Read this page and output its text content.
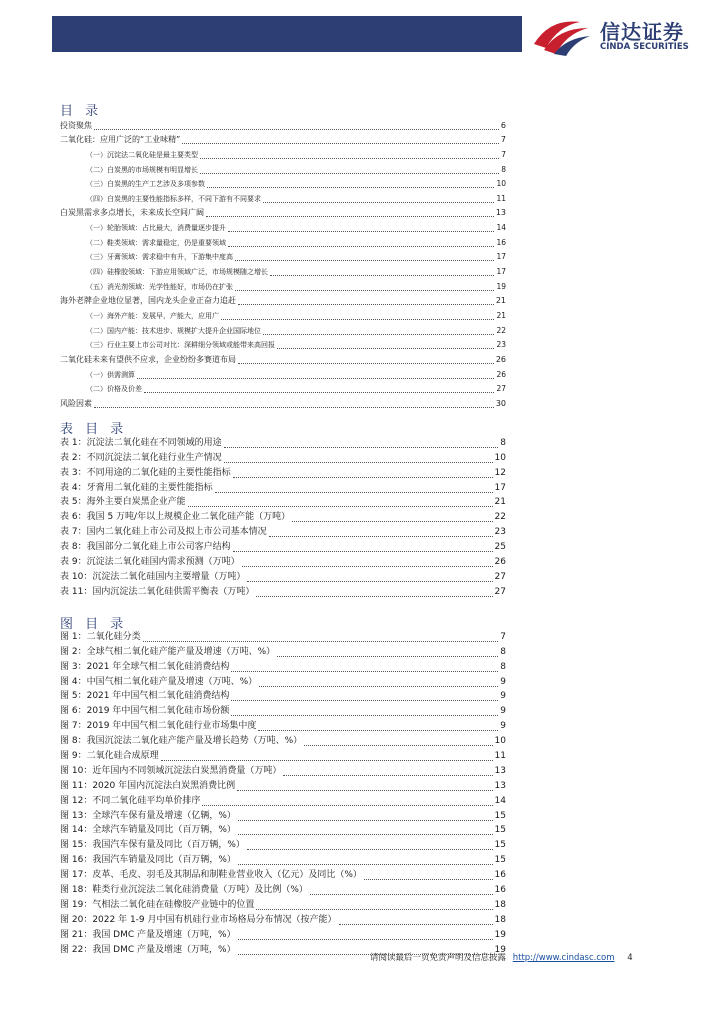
信达证券
CINDA SECURITIES
目 录
投资聚焦	6
二氧化硅：应用广泛的“工业味精”	7
（一）沉淀法二氧化硅是最主要类型	7
（二）白炭黑的市场规模有明显增长	8
（三）白炭黑的生产工艺涉及多项参数	10
（四）白炭黑的主要性能指标多样，不同下游有不同要求	11
白炭黑需求多点增长，未来成长空间广阔	13
（一）轮胎领域：占比最大，消费量逐步提升	14
（二）鞋类领域：需求量稳定，仍是重要领域	16
（三）牙膏领域：需求稳中有升，下游集中度高	17
（四）硅橡胶领域：下游应用领域广泛，市场规模随之增长	17
（五）消光剂领域：光学性能好，市场仍在扩张	19
海外老牌企业地位显著，国内龙头企业正奋力追赶	21
（一）海外产能：发展早，产能大，应用广	21
（二）国内产能：技术进步、规模扩大提升企业国际地位	22
（三）行业主要上市公司对比：深耕细分领域或能带来高回报	23
二氧化硅未来有望供不应求，企业纷纷多赛道布局	26
（一）供需测算	26
（二）价格及价差	27
风险因素	30
表 目 录
表 1：沉淀法二氧化硅在不同领域的用途	8
表 2：不同沉淀法二氧化硅行业生产情况	10
表 3：不同用途的二氧化硅的主要性能指标	12
表 4：牙膏用二氧化硅的主要性能指标	17
表 5：海外主要白炭黑企业产能	21
表 6：我国 5 万吨/年以上规模企业二氧化硅产能（万吨）	22
表 7：国内二氧化硅上市公司及拟上市公司基本情况	23
表 8：我国部分二氧化硅上市公司客户结构	25
表 9：沉淀法二氧化硅国内需求预测（万吨）	26
表 10：沉淀法二氧化硅国内主要增量（万吨）	27
表 11：国内沉淀法二氧化硅供需平衡表（万吨）	27
图 目 录
图 1：二氧化硅分类	7
图 2：全球气相二氧化硅产能产量及增速（万吨、%）	8
图 3：2021 年全球气相二氧化硅消费结构	8
图 4：中国气相二氧化硅产量及增速（万吨、%）	9
图 5：2021 年中国气相二氧化硅消费结构	9
图 6：2019 年中国气相二氧化硅市场份额	9
图 7：2019 年中国气相二氧化硅行业市场集中度	9
图 8：我国沉淀法二氧化硅产能产量及增长趋势（万吨、%）	10
图 9：二氧化硅合成原理	11
图 10：近年国内不同领域沉淀法白炭黑消费量（万吨）	13
图 11：2020 年国内沉淀法白炭黑消费比例	13
图 12：不同二氧化硅平均单价排序	14
图 13：全球汽车保有量及增速（亿辆，%）	15
图 14：全球汽车销量及同比（百万辆，%）	15
图 15：我国汽车保有量及同比（百万辆，%）	15
图 16：我国汽车销量及同比（百万辆，%）	15
图 17：皮革、毛皮、羽毛及其制品和制鞋业营业收入（亿元）及同比（%）	16
图 18：鞋类行业沉淀法二氧化硅消费量（万吨）及比例（%）	16
图 19：气相法二氧化硅在硅橡胶产业链中的位置	18
图 20：2022 年 1-9 月中国有机硅行业市场格局分布情况（按产能）	18
图 21：我国 DMC 产量及增速（万吨，%）	19
图 22：我国 DMC 产量及增速（万吨，%）	19
请阅读最后一页免责声明及信息披露 http://www.cindasc.com 4
